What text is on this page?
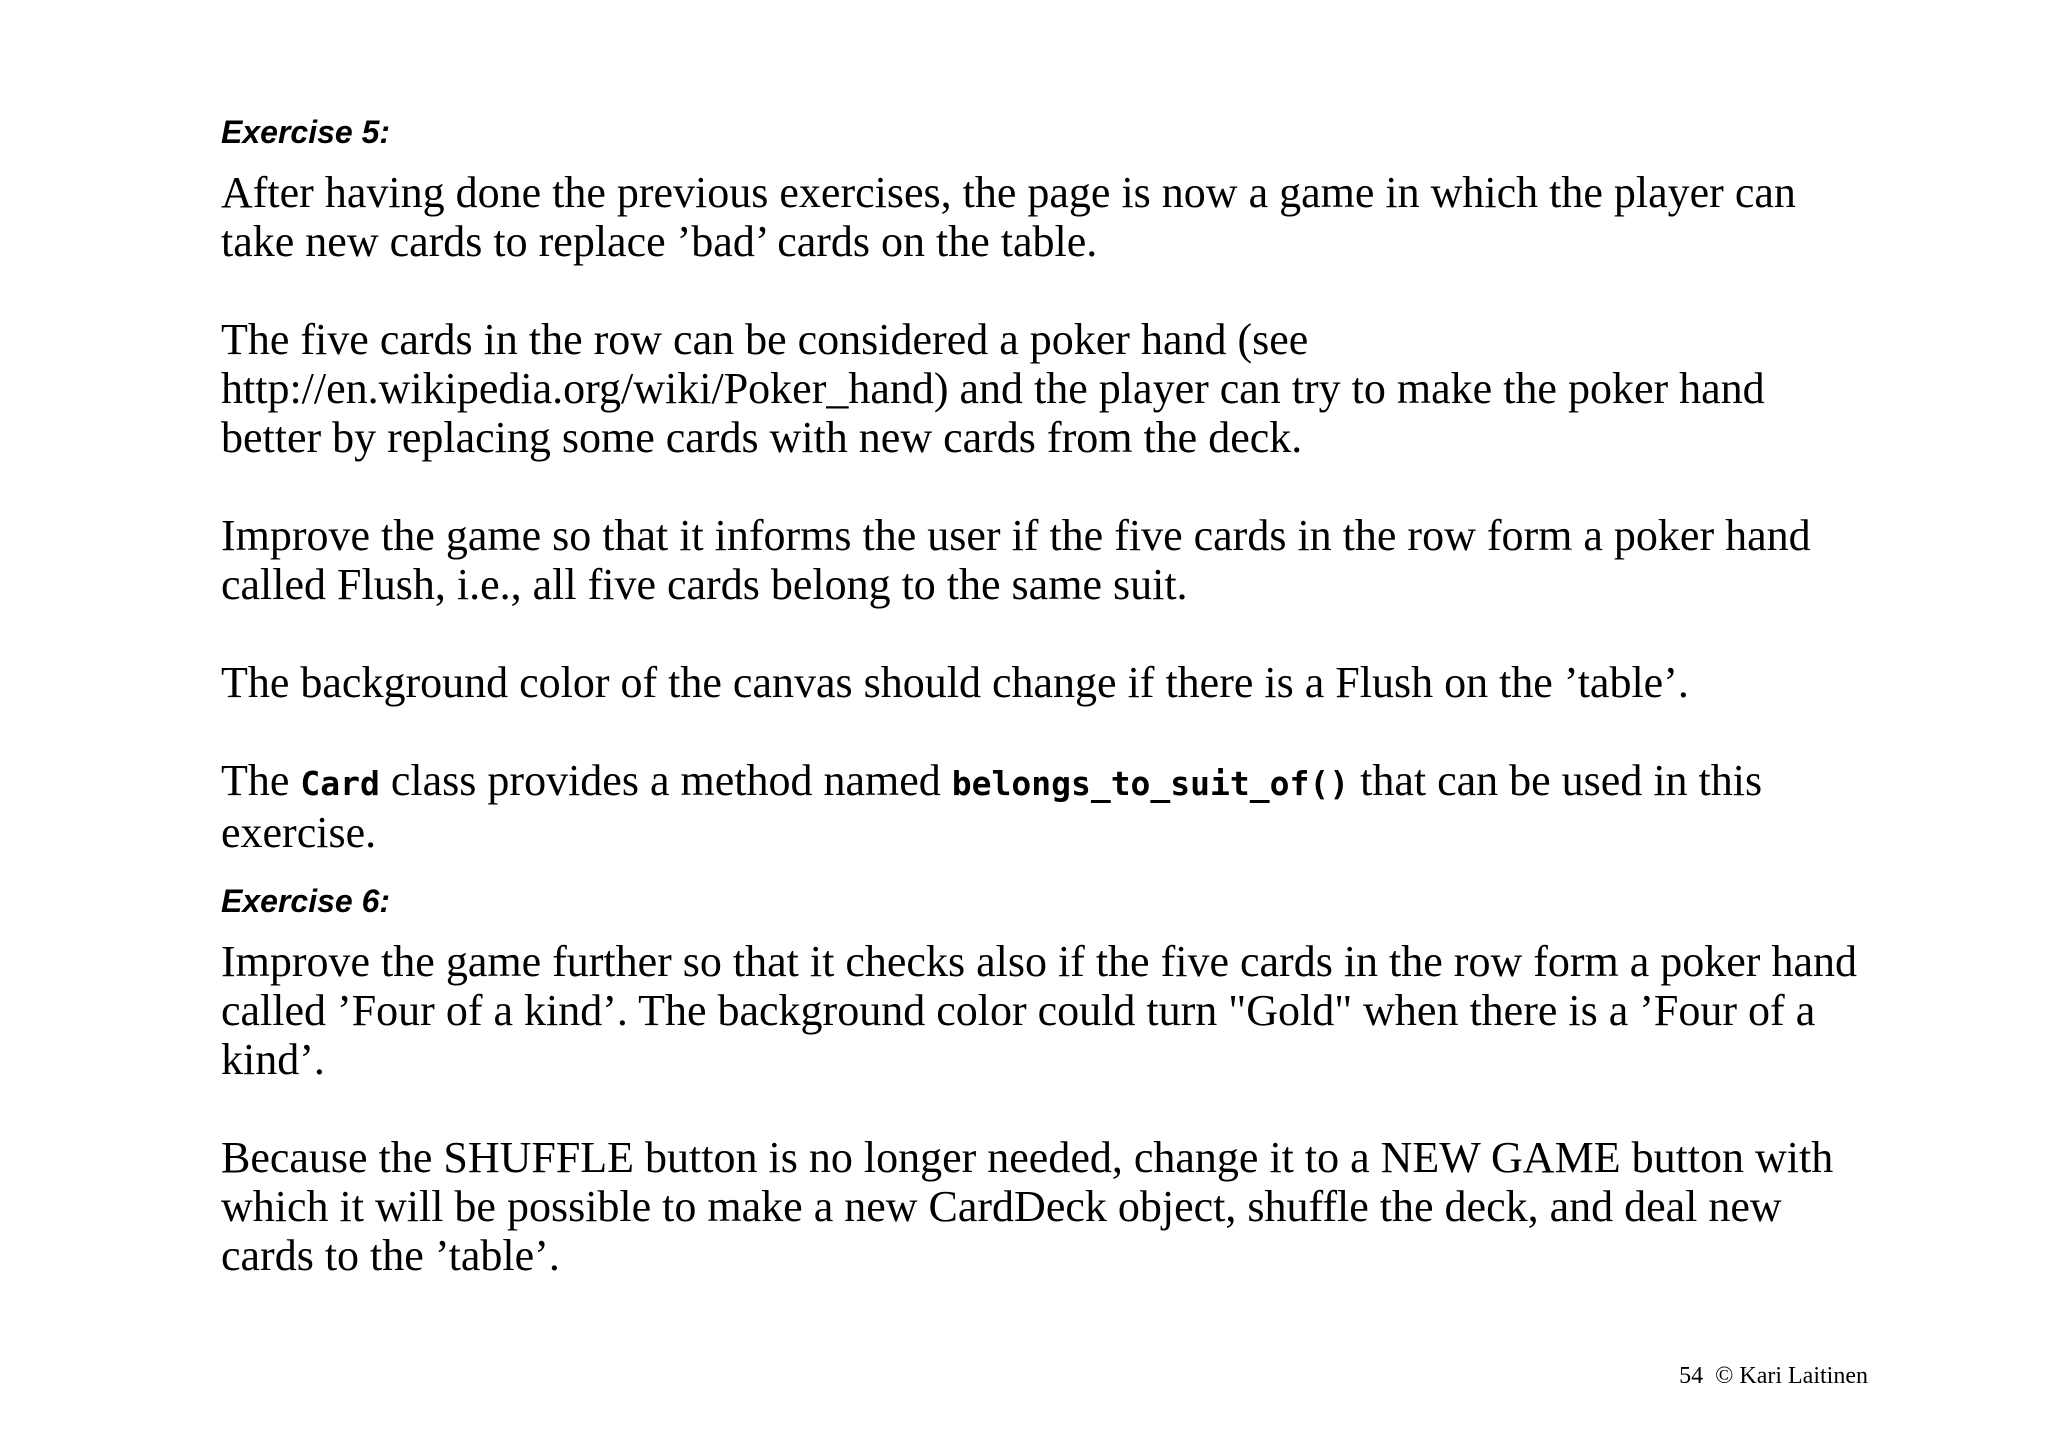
Exercise 5:

After having done the previous exercises, the page is now a game in which the player can take new cards to replace ’bad’ cards on the table.

The five cards in the row can be considered a poker hand (see http://en.wikipedia.org/wiki/Poker_hand) and the player can try to make the poker hand better by replacing some cards with new cards from the deck.

Improve the game so that it informs the user if the five cards in the row form a poker hand called Flush, i.e., all five cards belong to the same suit.

The background color of the canvas should change if there is a Flush on the ’table’.

The Card class provides a method named belongs_to_suit_of() that can be used in this exercise.

Exercise 6:

Improve the game further so that it checks also if the five cards in the row form a poker hand called ’Four of a kind’. The background color could turn "Gold" when there is a ’Four of a kind’.

Because the SHUFFLE button is no longer needed, change it to a NEW GAME button with which it will be possible to make a new CardDeck object, shuffle the deck, and deal new cards to the ’table’.

54 © Kari Laitinen
